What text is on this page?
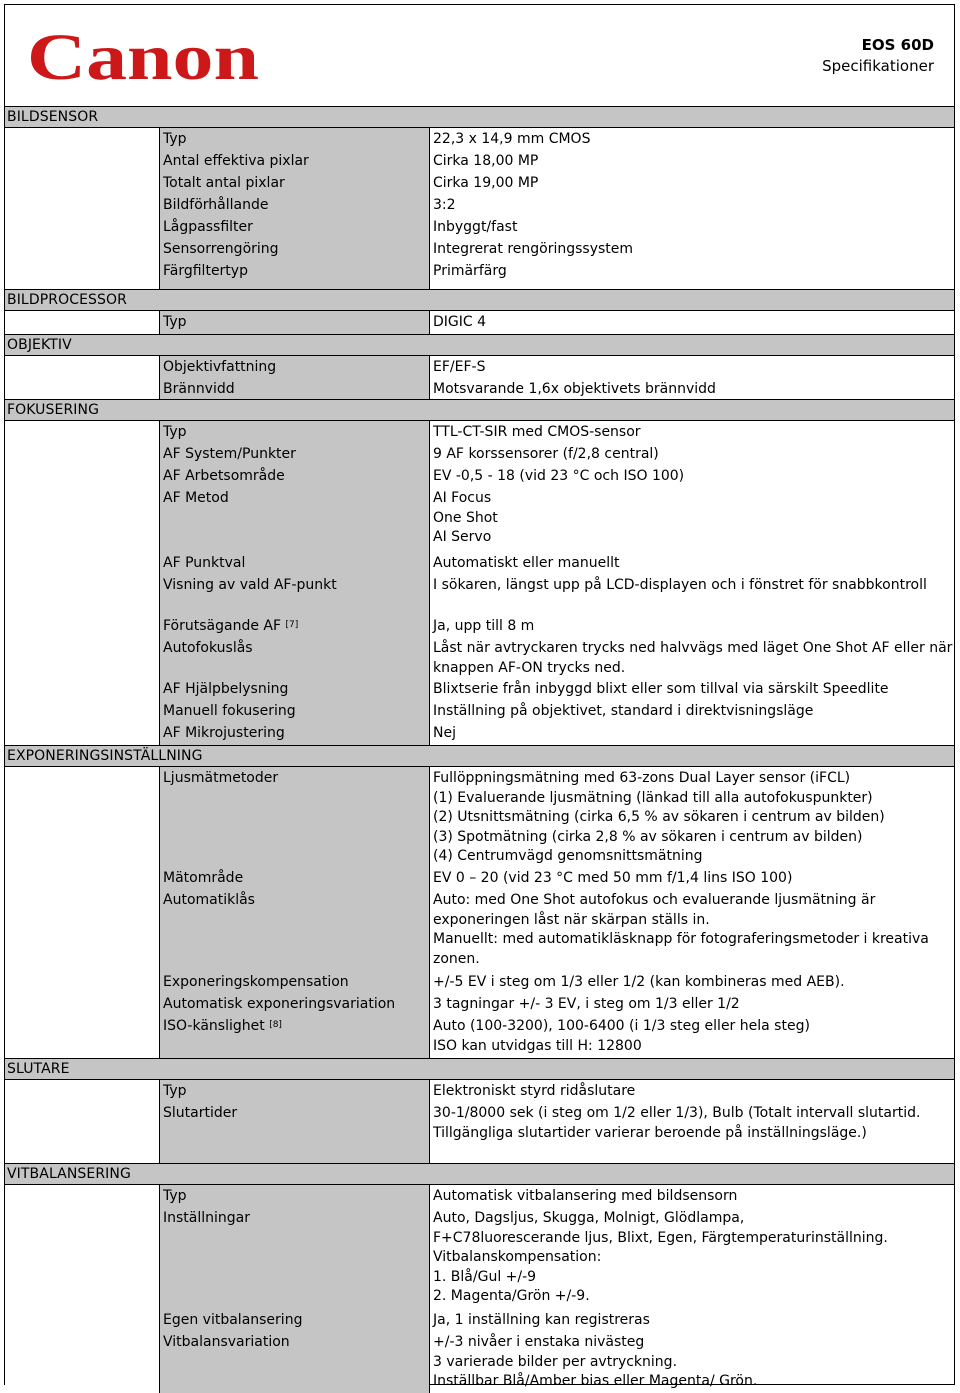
Canon	EOS 60D
Specifikationer
BILDSENSOR
Typ	22,3 x 14,9 mm CMOS
Antal effektiva pixlar	Cirka 18,00 MP
Totalt antal pixlar	Cirka 19,00 MP
Bildförhållande	3:2
Lågpassfilter	Inbyggt/fast
Sensorrengöring	Integrerat rengöringssystem
Färgfiltertyp	Primärfärg
BILDPROCESSOR
Typ	DIGIC 4
OBJEKTIV
Objektivfattning	EF/EF-S
Brännvidd	Motsvarande 1,6x objektivets brännvidd
FOKUSERING
Typ	TTL-CT-SIR med CMOS-sensor
AF System/Punkter	9 AF korssensorer (f/2,8 central)
AF Arbetsområde	EV -0,5 - 18 (vid 23 °C och ISO 100)
AF Metod	AI Focus
One Shot
AI Servo
AF Punktval	Automatiskt eller manuellt
Visning av vald AF-punkt	I sökaren, längst upp på LCD-displayen och i fönstret för snabbkontroll
Förutsägande AF [7]	Ja, upp till 8 m
Autofokuslås	Låst när avtryckaren trycks ned halvvägs med läget One Shot AF eller när
knappen AF-ON trycks ned.
AF Hjälpbelysning	Blixtserie från inbyggd blixt eller som tillval via särskilt Speedlite
Manuell fokusering	Inställning på objektivet, standard i direktvisningsläge
AF Mikrojustering	Nej
EXPONERINGSINSTÄLLNING
Ljusmätmetoder	Fullöppningsmätning med 63-zons Dual Layer sensor (iFCL)
(1) Evaluerande ljusmätning (länkad till alla autofokuspunkter)
(2) Utsnittsmätning (cirka 6,5 % av sökaren i centrum av bilden)
(3) Spotmätning (cirka 2,8 % av sökaren i centrum av bilden)
(4) Centrumvägd genomsnittsmätning
Mätområde	EV 0 – 20 (vid 23 °C med 50 mm f/1,4 lins ISO 100)
Automatiklås	Auto: med One Shot autofokus och evaluerande ljusmätning är
exponeringen låst när skärpan ställs in.
Manuellt: med automatikläsknapp för fotograferingsmetoder i kreativa
zonen.
Exponeringskompensation	+/-5 EV i steg om 1/3 eller 1/2 (kan kombineras med AEB).
Automatisk exponeringsvariation	3 tagningar +/- 3 EV, i steg om 1/3 eller 1/2
ISO-känslighet [8]	Auto (100-3200), 100-6400 (i 1/3 steg eller hela steg)
ISO kan utvidgas till H: 12800
SLUTARE
Typ	Elektroniskt styrd ridåslutare
Slutartider	30-1/8000 sek (i steg om 1/2 eller 1/3), Bulb (Totalt intervall slutartid.
Tillgängliga slutartider varierar beroende på inställningsläge.)
VITBALANSERING
Typ	Automatisk vitbalansering med bildsensorn
Inställningar	Auto, Dagsljus, Skugga, Molnigt, Glödlampa,
F+C78luorescerande ljus, Blixt, Egen, Färgtemperaturinställning.
Vitbalanskompensation:
1. Blå/Gul +/-9
2. Magenta/Grön +/-9.
Egen vitbalansering	Ja, 1 inställning kan registreras
Vitbalansvariation	+/-3 nivåer i enstaka nivästeg
3 varierade bilder per avtryckning.
Inställbar Blå/Amber bias eller Magenta/ Grön.
